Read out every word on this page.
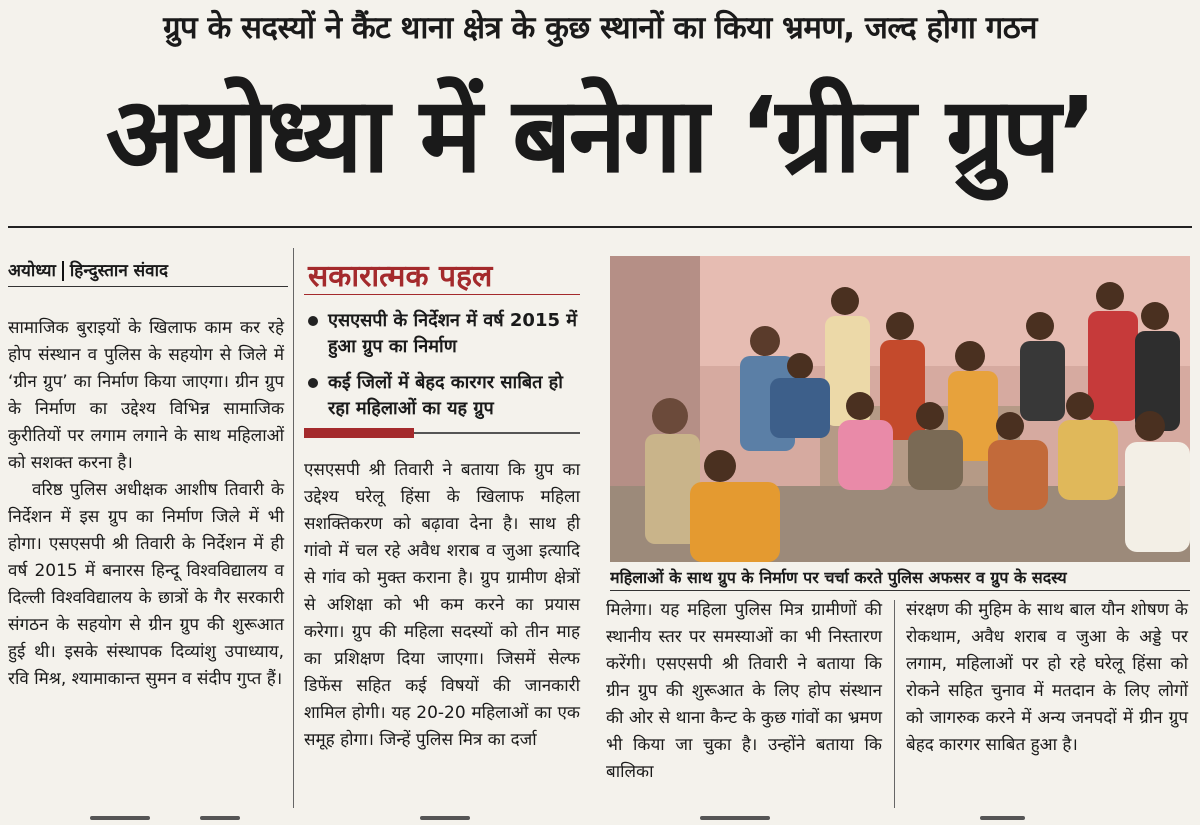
ग्रुप के सदस्यों ने कैंट थाना क्षेत्र के कुछ स्थानों का किया भ्रमण, जल्द होगा गठन
अयोध्या में बनेगा ‘ग्रीन ग्रुप’
अयोध्या हिन्दुस्तान संवाद

सामाजिक बुराइयों के खिलाफ काम कर रहे होप संस्थान व पुलिस के सहयोग से जिले में ‘ग्रीन ग्रुप’ का निर्माण किया जाएगा। ग्रीन ग्रुप के निर्माण का उद्देश्य विभिन्न सामाजिक कुरीतियों पर लगाम लगाने के साथ महिलाओं को सशक्त करना है।

वरिष्ठ पुलिस अधीक्षक आशीष तिवारी के निर्देशन में इस ग्रुप का निर्माण जिले में भी होगा। एसएसपी श्री तिवारी के निर्देशन में ही वर्ष 2015 में बनारस हिन्दू विश्वविद्यालय व दिल्ली विश्वविद्यालय के छात्रों के गैर सरकारी संगठन के सहयोग से ग्रीन ग्रुप की शुरूआत हुई थी। इसके संस्थापक दिव्यांशु उपाध्याय, रवि मिश्र, श्यामाकान्त सुमन व संदीप गुप्त हैं।

सकारात्मक पहल
एसएसपी के निर्देशन में वर्ष 2015 में हुआ ग्रुप का निर्माण
कई जिलों में बेहद कारगर साबित हो रहा महिलाओं का यह ग्रुप

एसएसपी श्री तिवारी ने बताया कि ग्रुप का उद्देश्य घरेलू हिंसा के खिलाफ महिला सशक्तिकरण को बढ़ावा देना है। साथ ही गांवो में चल रहे अवैध शराब व जुआ इत्यादि से गांव को मुक्त कराना है। ग्रुप ग्रामीण क्षेत्रों से अशिक्षा को भी कम करने का प्रयास करेगा। ग्रुप की महिला सदस्यों को तीन माह का प्रशिक्षण दिया जाएगा। जिसमें सेल्फ डिफेंस सहित कई विषयों की जानकारी शामिल होगी। यह 20-20 महिलाओं का एक समूह होगा। जिन्हें पुलिस मित्र का दर्जा

महिलाओं के साथ ग्रुप के निर्माण पर चर्चा करते पुलिस अफसर व ग्रुप के सदस्य

मिलेगा। यह महिला पुलिस मित्र ग्रामीणों की स्थानीय स्तर पर समस्याओं का भी निस्तारण करेंगी। एसएसपी श्री तिवारी ने बताया कि ग्रीन ग्रुप की शुरूआत के लिए होप संस्थान की ओर से थाना कैन्ट के कुछ गांवों का भ्रमण भी किया जा चुका है। उन्होंने बताया कि बालिका

संरक्षण की मुहिम के साथ बाल यौन शोषण के रोकथाम, अवैध शराब व जुआ के अड्डे पर लगाम, महिलाओं पर हो रहे घरेलू हिंसा को रोकने सहित चुनाव में मतदान के लिए लोगों को जागरुक करने में अन्य जनपदों में ग्रीन ग्रुप बेहद कारगर साबित हुआ है।
